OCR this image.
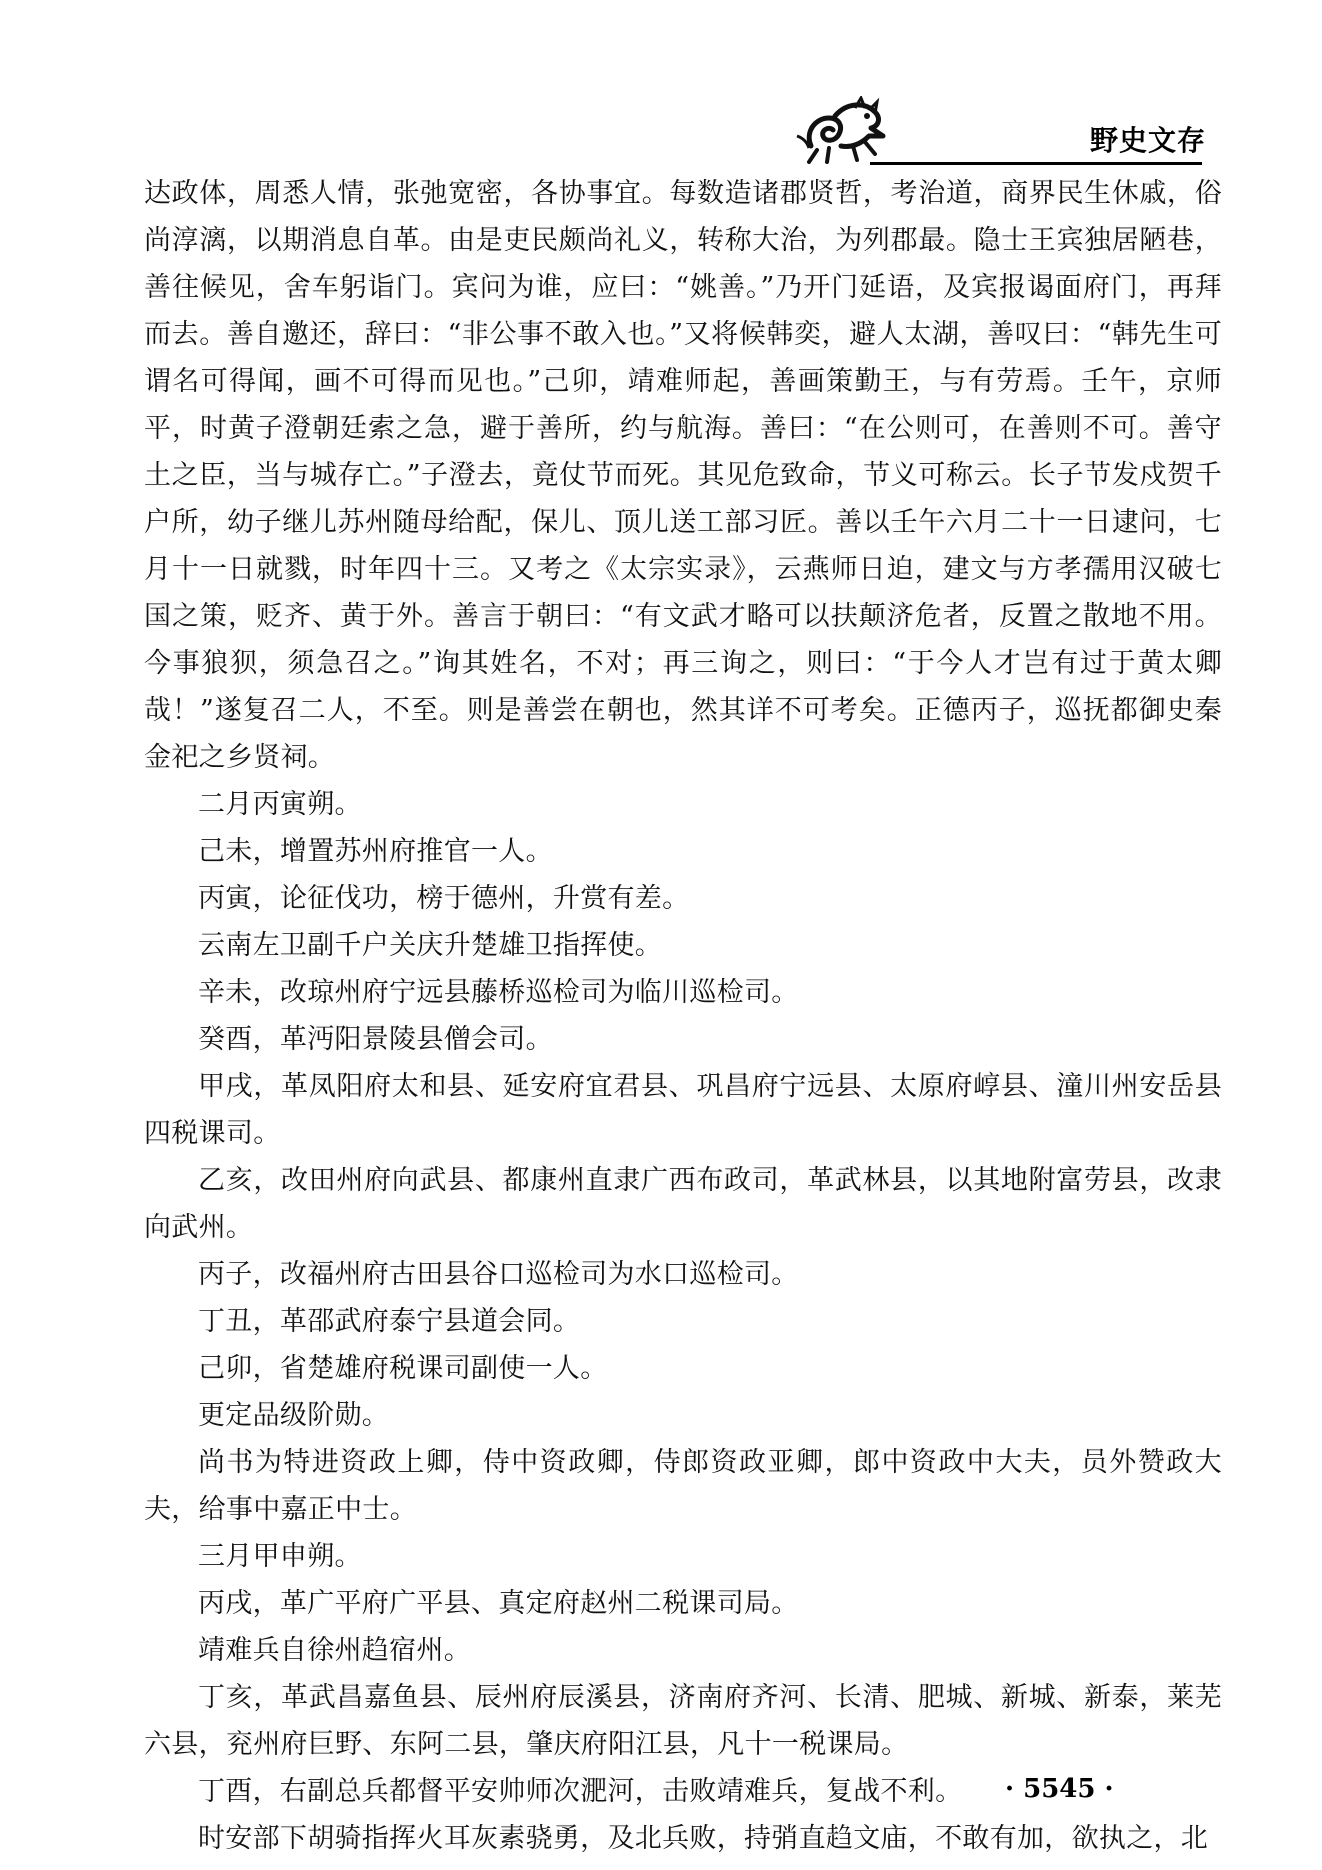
野史文存

达政体，周悉人情，张弛宽密，各协事宜。每数造诸郡贤哲，考治道，商界民生休戚，俗尚淳漓，以期消息自革。由是吏民颇尚礼义，转称大治，为列郡最。隐士王宾独居陋巷，善往候见，舍车躬诣门。宾问为谁，应曰：“姚善。”乃开门延语，及宾报谒面府门，再拜而去。善自邀还，辞曰：“非公事不敢入也。”又将候韩奕，避人太湖，善叹曰：“韩先生可谓名可得闻，画不可得而见也。”己卯，靖难师起，善画策勤王，与有劳焉。壬午，京师平，时黄子澄朝廷索之急，避于善所，约与航海。善曰：“在公则可，在善则不可。善守土之臣，当与城存亡。”子澄去，竟仗节而死。其见危致命，节义可称云。长子节发戍贺千户所，幼子继儿苏州随母给配，保儿、顶儿送工部习匠。善以壬午六月二十一日逮问，七月十一日就戮，时年四十三。又考之《太宗实录》，云燕师日迫，建文与方孝孺用汉破七国之策，贬齐、黄于外。善言于朝曰：“有文武才略可以扶颠济危者，反置之散地不用。今事狼狈，须急召之。”询其姓名，不对；再三询之，则曰：“于今人才岂有过于黄太卿哉！”遂复召二人，不至。则是善尝在朝也，然其详不可考矣。正德丙子，巡抚都御史秦金祀之乡贤祠。

二月丙寅朔。

己未，增置苏州府推官一人。

丙寅，论征伐功，榜于德州，升赏有差。

云南左卫副千户关庆升楚雄卫指挥使。

辛未，改琼州府宁远县藤桥巡检司为临川巡检司。

癸酉，革沔阳景陵县僧会司。

甲戌，革凤阳府太和县、延安府宜君县、巩昌府宁远县、太原府崞县、潼川州安岳县四税课司。

乙亥，改田州府向武县、都康州直隶广西布政司，革武林县，以其地附富劳县，改隶向武州。

丙子，改福州府古田县谷口巡检司为水口巡检司。

丁丑，革邵武府泰宁县道会同。

己卯，省楚雄府税课司副使一人。

更定品级阶勋。

尚书为特进资政上卿，侍中资政卿，侍郎资政亚卿，郎中资政中大夫，员外赞政大夫，给事中嘉正中士。

三月甲申朔。

丙戌，革广平府广平县、真定府赵州二税课司局。

靖难兵自徐州趋宿州。

丁亥，革武昌嘉鱼县、辰州府辰溪县，济南府齐河、长清、肥城、新城、新泰，莱芜六县，兖州府巨野、东阿二县，肇庆府阳江县，凡十一税课局。

丁酉，右副总兵都督平安帅师次淝河，击败靖难兵，复战不利。

时安部下胡骑指挥火耳灰素骁勇，及北兵败，持弰直趋文庙，不敢有加，欲执之，北

· 5545 ·
